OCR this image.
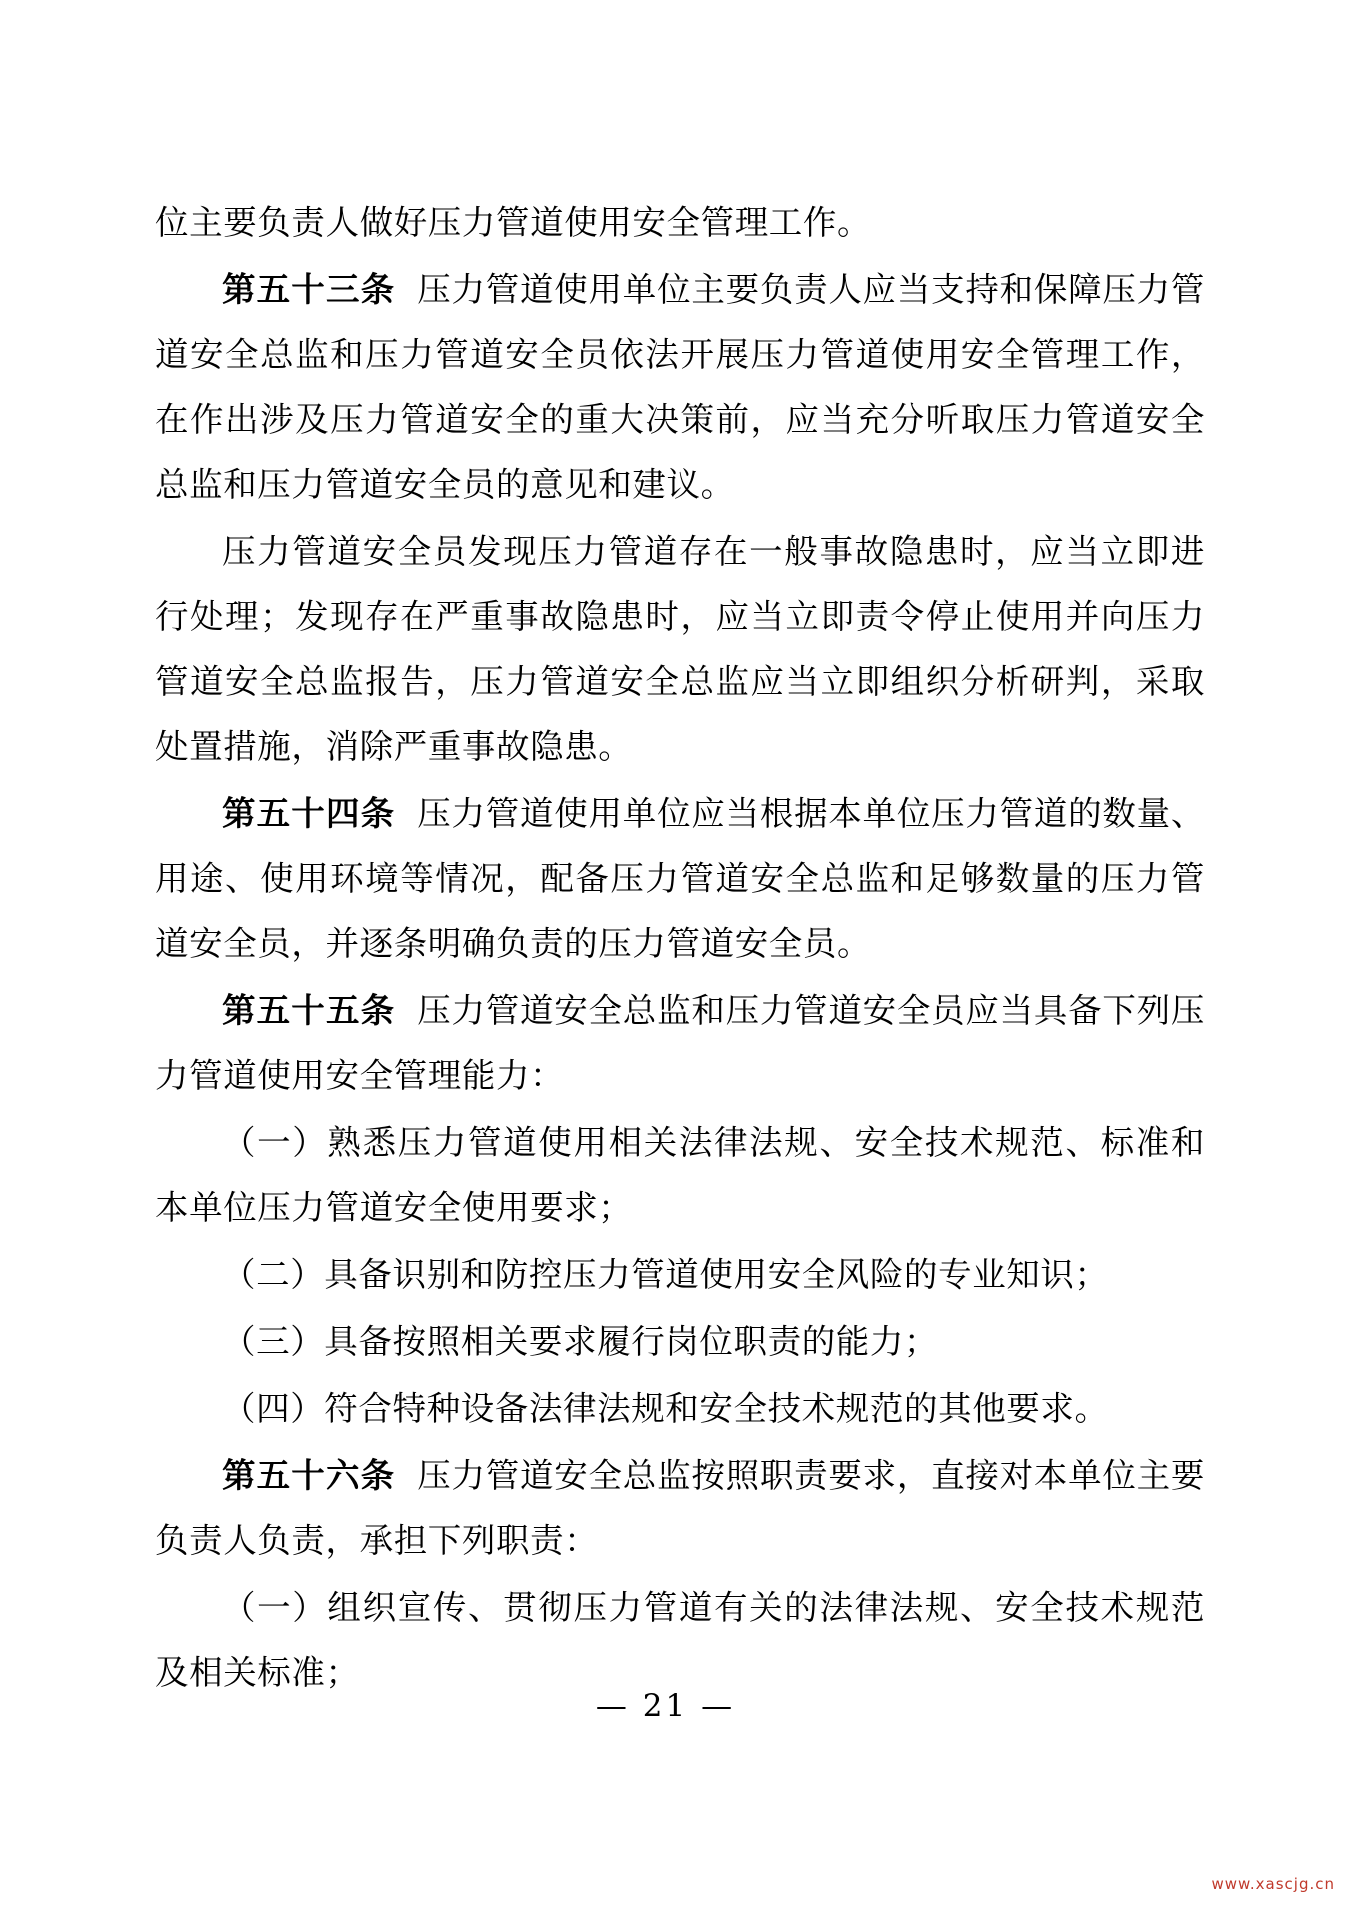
位主要负责人做好压力管道使用安全管理工作。

第五十三条 压力管道使用单位主要负责人应当支持和保障压力管道安全总监和压力管道安全员依法开展压力管道使用安全管理工作，在作出涉及压力管道安全的重大决策前，应当充分听取压力管道安全总监和压力管道安全员的意见和建议。

压力管道安全员发现压力管道存在一般事故隐患时，应当立即进行处理；发现存在严重事故隐患时，应当立即责令停止使用并向压力管道安全总监报告，压力管道安全总监应当立即组织分析研判，采取处置措施，消除严重事故隐患。

第五十四条 压力管道使用单位应当根据本单位压力管道的数量、用途、使用环境等情况，配备压力管道安全总监和足够数量的压力管道安全员，并逐条明确负责的压力管道安全员。

第五十五条 压力管道安全总监和压力管道安全员应当具备下列压力管道使用安全管理能力：

（一）熟悉压力管道使用相关法律法规、安全技术规范、标准和本单位压力管道安全使用要求；

（二）具备识别和防控压力管道使用安全风险的专业知识；

（三）具备按照相关要求履行岗位职责的能力；

（四）符合特种设备法律法规和安全技术规范的其他要求。

第五十六条 压力管道安全总监按照职责要求，直接对本单位主要负责人负责，承担下列职责：

（一）组织宣传、贯彻压力管道有关的法律法规、安全技术规范及相关标准；

— 21 —
www.xascjg.cn
